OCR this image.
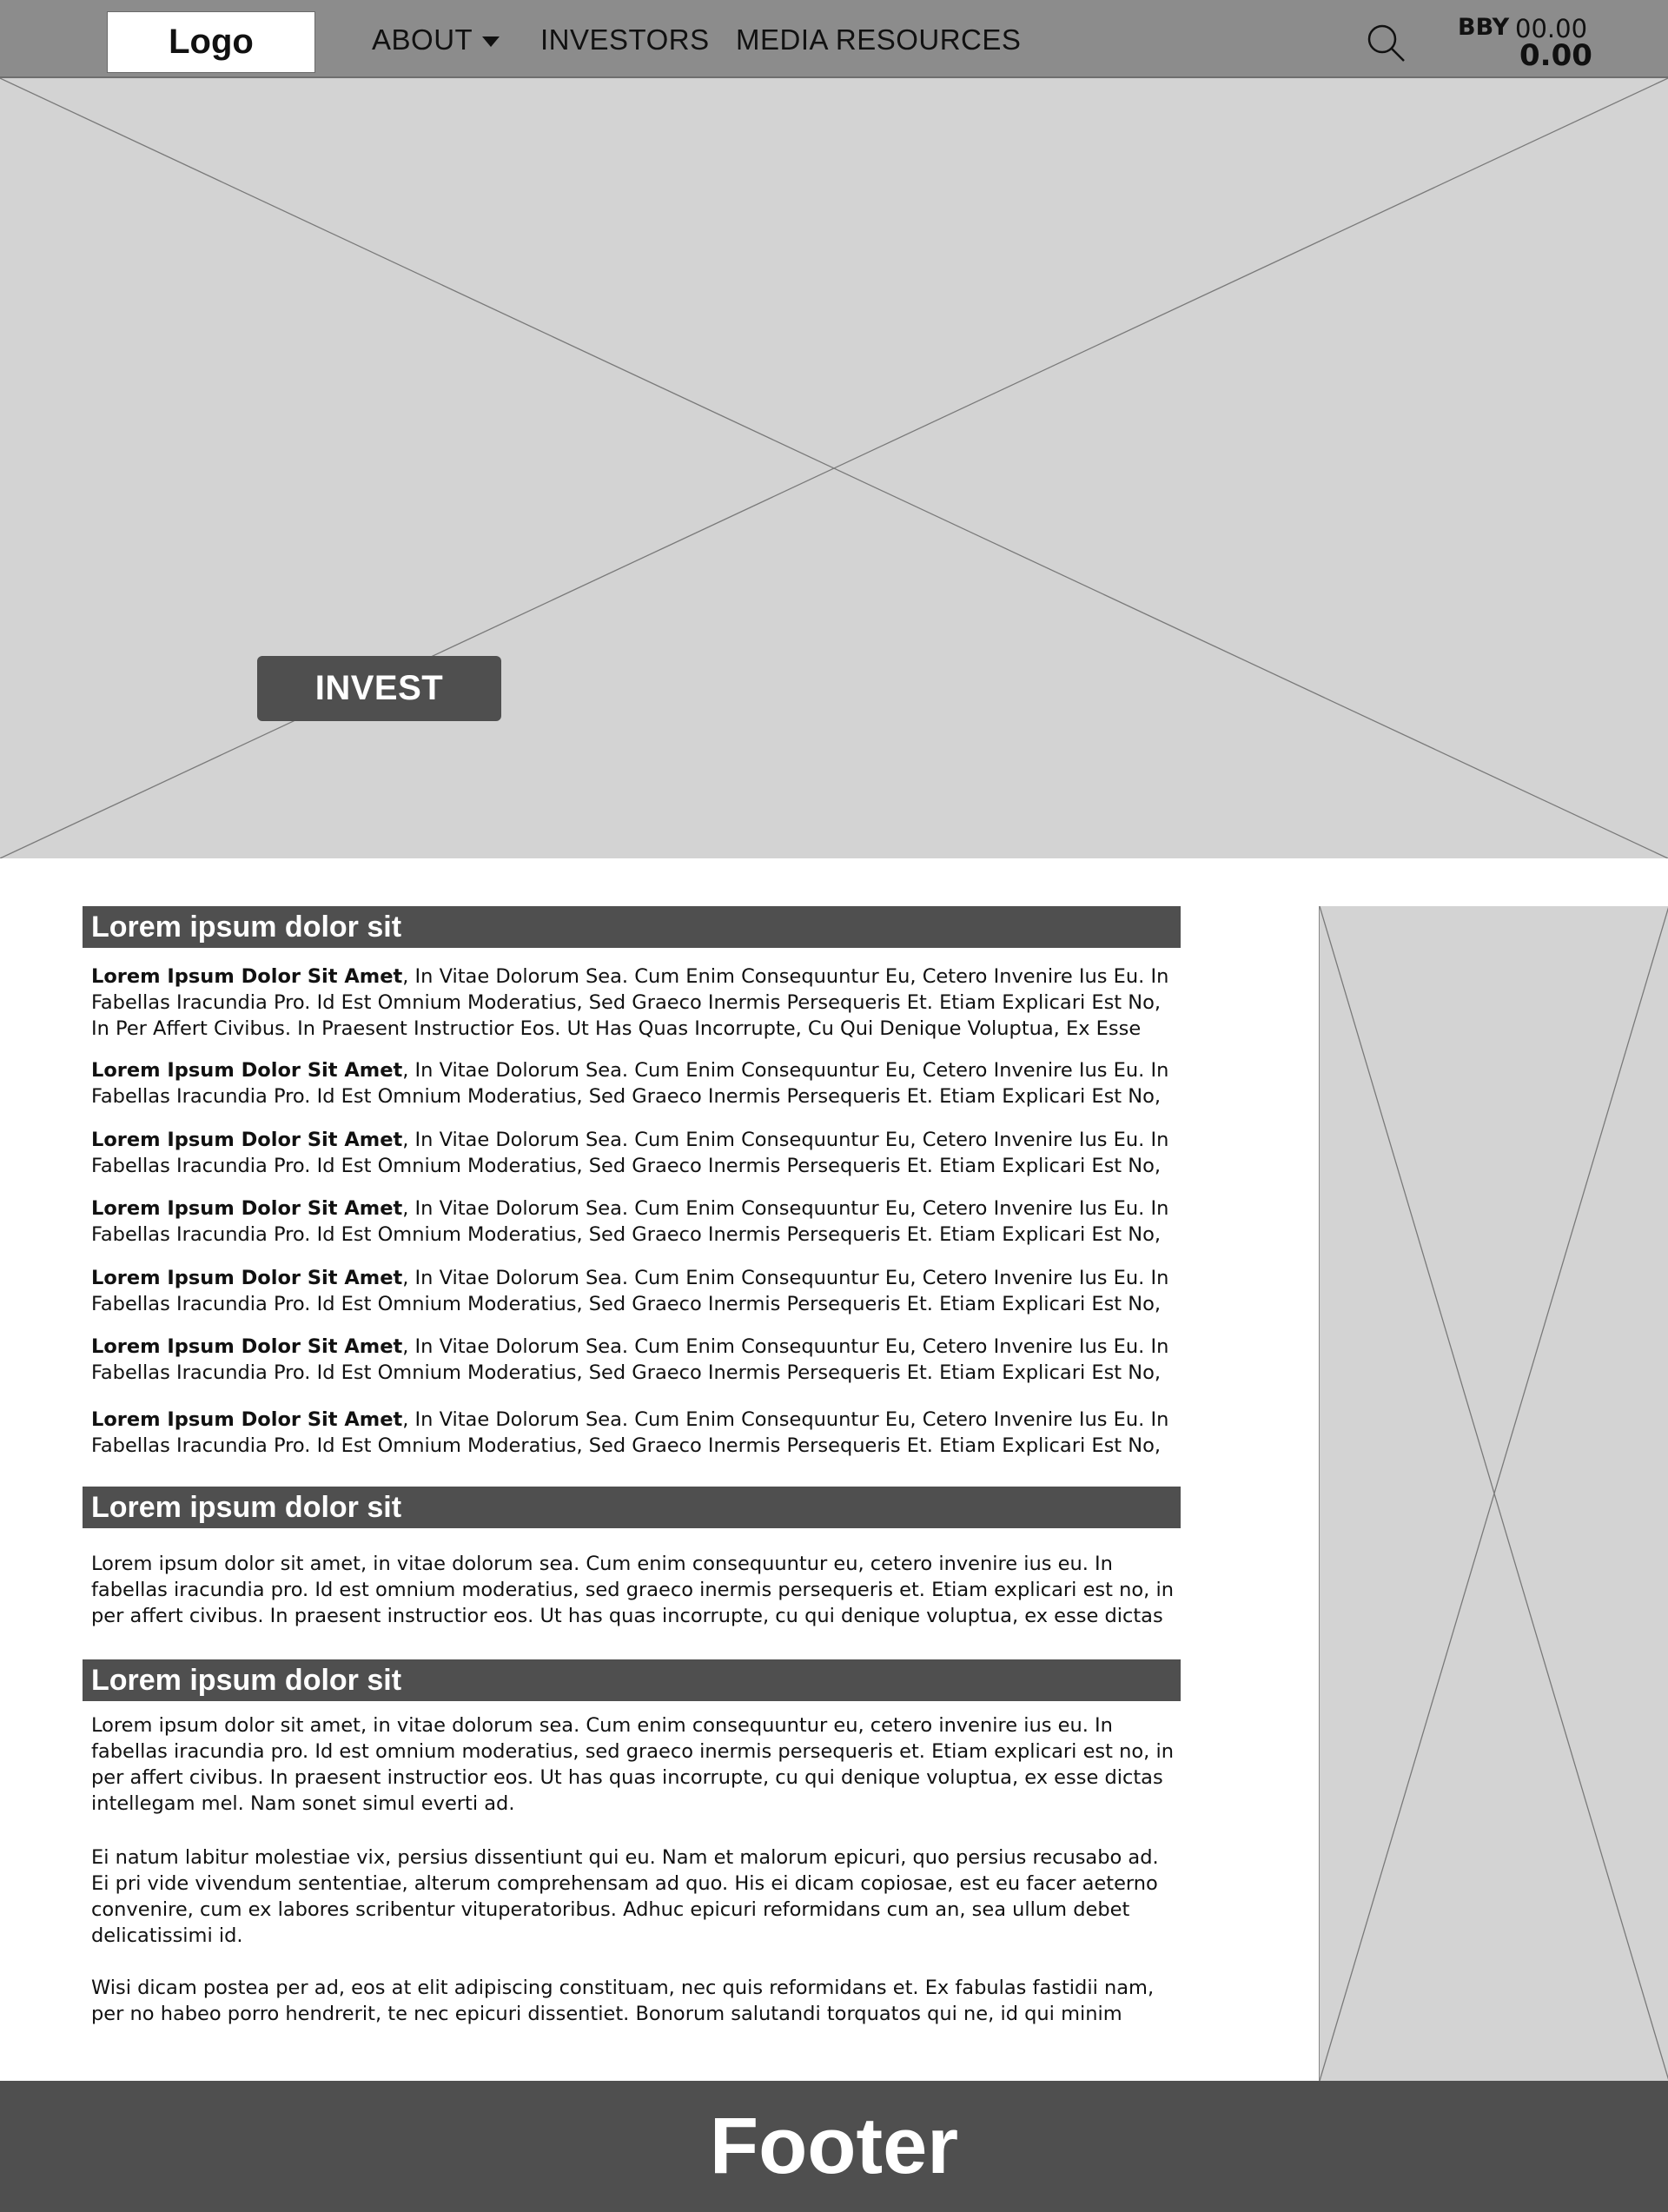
Logo	ABOUT INVESTORS MEDIA RESOURCES	BBY 00.00
0.00
INVEST
Lorem ipsum dolor sit
Lorem Ipsum Dolor Sit Amet, In Vitae Dolorum Sea. Cum Enim Consequuntur Eu, Cetero Invenire Ius Eu. In
Fabellas Iracundia Pro. Id Est Omnium Moderatius, Sed Graeco Inermis Persequeris Et. Etiam Explicari Est No,
In Per Affert Civibus. In Praesent Instructior Eos. Ut Has Quas Incorrupte, Cu Qui Denique Voluptua, Ex Esse
Lorem Ipsum Dolor Sit Amet, In Vitae Dolorum Sea. Cum Enim Consequuntur Eu, Cetero Invenire Ius Eu. In
Fabellas Iracundia Pro. Id Est Omnium Moderatius, Sed Graeco Inermis Persequeris Et. Etiam Explicari Est No,
Lorem Ipsum Dolor Sit Amet, In Vitae Dolorum Sea. Cum Enim Consequuntur Eu, Cetero Invenire Ius Eu. In
Fabellas Iracundia Pro. Id Est Omnium Moderatius, Sed Graeco Inermis Persequeris Et. Etiam Explicari Est No,
Lorem Ipsum Dolor Sit Amet, In Vitae Dolorum Sea. Cum Enim Consequuntur Eu, Cetero Invenire Ius Eu. In
Fabellas Iracundia Pro. Id Est Omnium Moderatius, Sed Graeco Inermis Persequeris Et. Etiam Explicari Est No,
Lorem Ipsum Dolor Sit Amet, In Vitae Dolorum Sea. Cum Enim Consequuntur Eu, Cetero Invenire Ius Eu. In
Fabellas Iracundia Pro. Id Est Omnium Moderatius, Sed Graeco Inermis Persequeris Et. Etiam Explicari Est No,
Lorem Ipsum Dolor Sit Amet, In Vitae Dolorum Sea. Cum Enim Consequuntur Eu, Cetero Invenire Ius Eu. In
Fabellas Iracundia Pro. Id Est Omnium Moderatius, Sed Graeco Inermis Persequeris Et. Etiam Explicari Est No,
Lorem Ipsum Dolor Sit Amet, In Vitae Dolorum Sea. Cum Enim Consequuntur Eu, Cetero Invenire Ius Eu. In
Fabellas Iracundia Pro. Id Est Omnium Moderatius, Sed Graeco Inermis Persequeris Et. Etiam Explicari Est No,
Lorem ipsum dolor sit
Lorem ipsum dolor sit amet, in vitae dolorum sea. Cum enim consequuntur eu, cetero invenire ius eu. In
fabellas iracundia pro. Id est omnium moderatius, sed graeco inermis persequeris et. Etiam explicari est no, in
per affert civibus. In praesent instructior eos. Ut has quas incorrupte, cu qui denique voluptua, ex esse dictas
Lorem ipsum dolor sit
Lorem ipsum dolor sit amet, in vitae dolorum sea. Cum enim consequuntur eu, cetero invenire ius eu. In
fabellas iracundia pro. Id est omnium moderatius, sed graeco inermis persequeris et. Etiam explicari est no, in
per affert civibus. In praesent instructior eos. Ut has quas incorrupte, cu qui denique voluptua, ex esse dictas
intellegam mel. Nam sonet simul everti ad.
Ei natum labitur molestiae vix, persius dissentiunt qui eu. Nam et malorum epicuri, quo persius recusabo ad.
Ei pri vide vivendum sententiae, alterum comprehensam ad quo. His ei dicam copiosae, est eu facer aeterno
convenire, cum ex labores scribentur vituperatoribus. Adhuc epicuri reformidans cum an, sea ullum debet
delicatissimi id.
Wisi dicam postea per ad, eos at elit adipiscing constituam, nec quis reformidans et. Ex fabulas fastidii nam,
per no habeo porro hendrerit, te nec epicuri dissentiet. Bonorum salutandi torquatos qui ne, id qui minim
Footer
